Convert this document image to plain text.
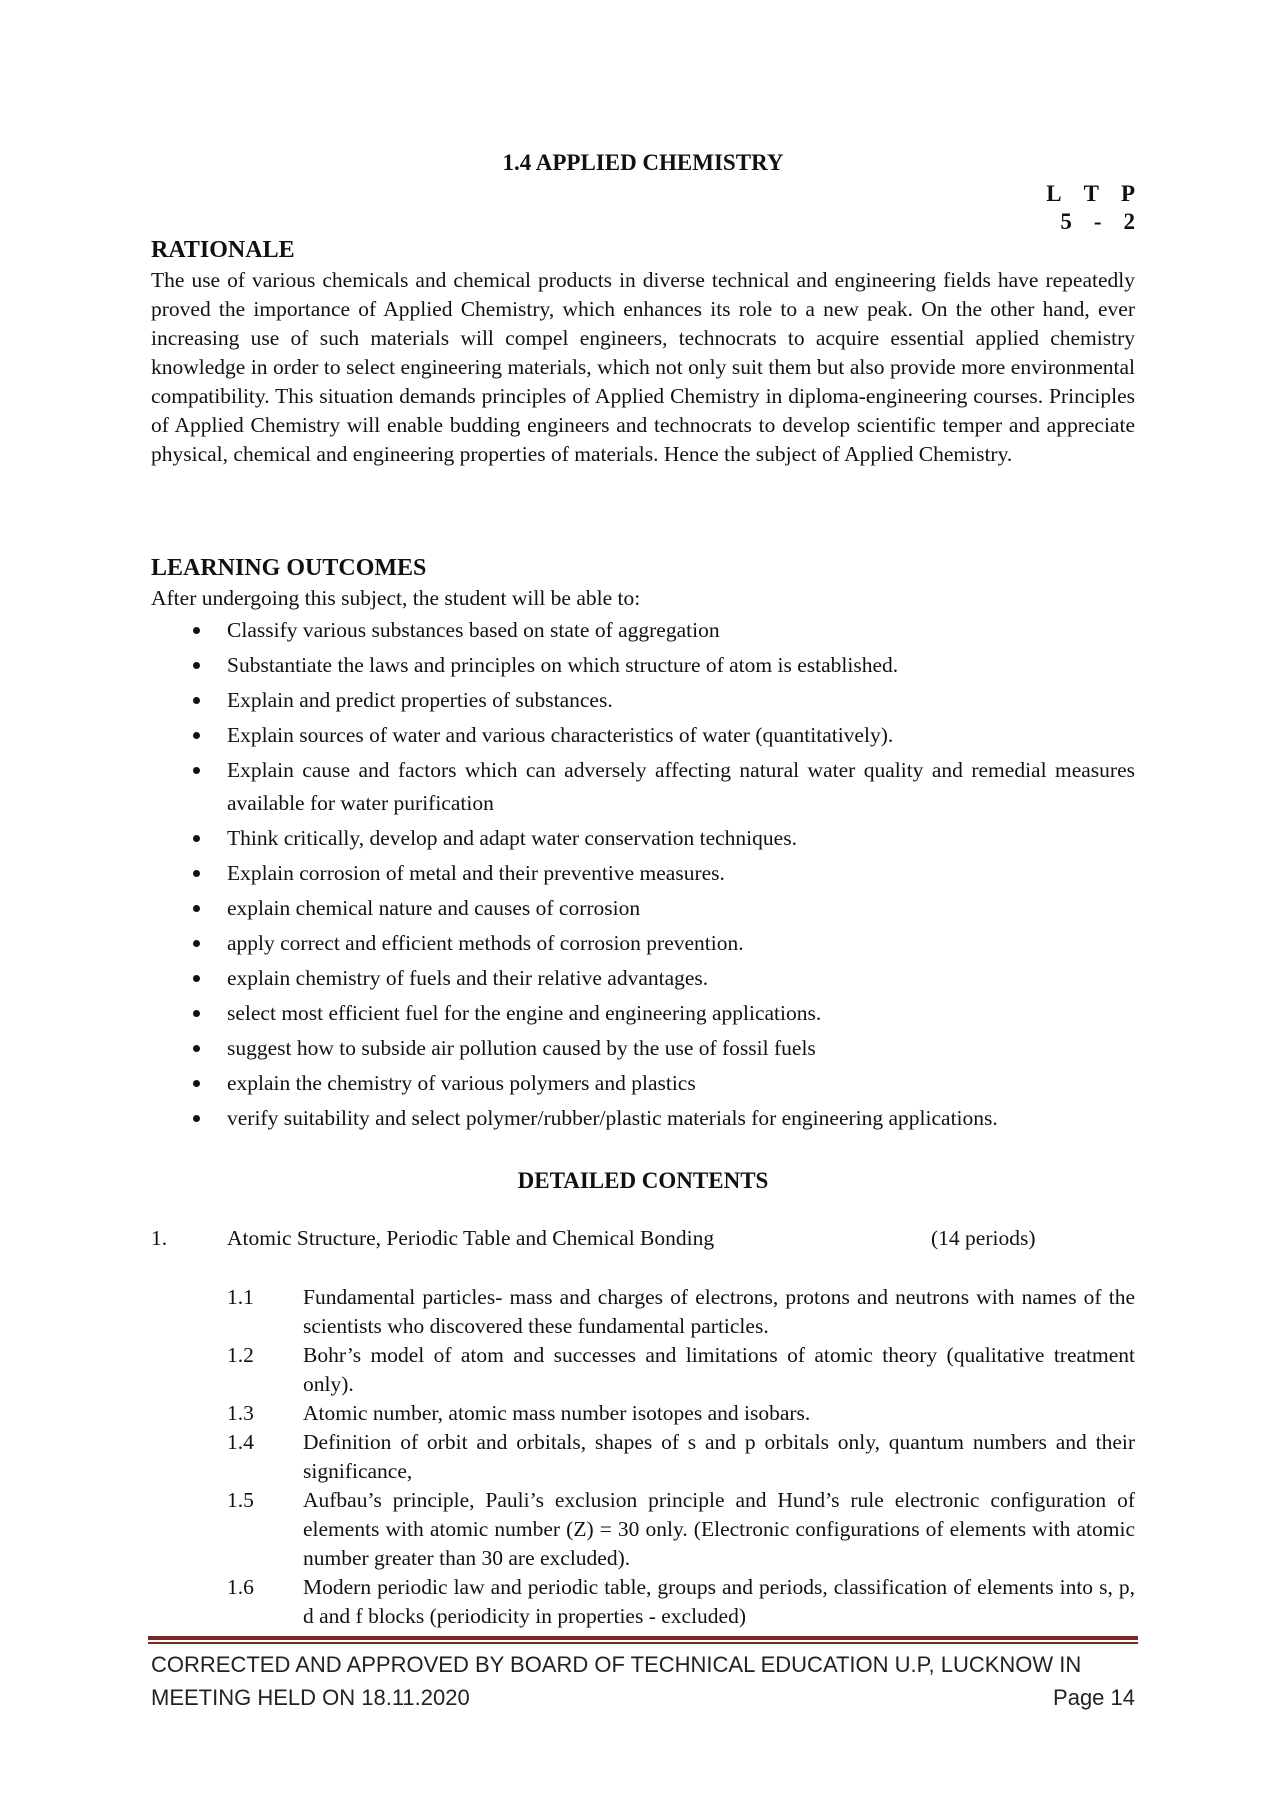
1.4 APPLIED CHEMISTRY
L T P
5 - 2
RATIONALE
The use of various chemicals and chemical products in diverse technical and engineering fields have repeatedly proved the importance of Applied Chemistry, which enhances its role to a new peak. On the other hand, ever increasing use of such materials will compel engineers, technocrats to acquire essential applied chemistry knowledge in order to select engineering materials, which not only suit them but also provide more environmental compatibility. This situation demands principles of Applied Chemistry in diploma-engineering courses. Principles of Applied Chemistry will enable budding engineers and technocrats to develop scientific temper and appreciate physical, chemical and engineering properties of materials. Hence the subject of Applied Chemistry.
LEARNING OUTCOMES
After undergoing this subject, the student will be able to:
Classify various substances based on state of aggregation
Substantiate the laws and principles on which structure of atom is established.
Explain and predict properties of substances.
Explain sources of water and various characteristics of water (quantitatively).
Explain cause and factors which can adversely affecting natural water quality and remedial measures available for water purification
Think critically, develop and adapt water conservation techniques.
Explain corrosion of metal and their preventive measures.
explain chemical nature and causes of corrosion
apply correct and efficient methods of corrosion prevention.
explain chemistry of fuels and their relative advantages.
select most efficient fuel for the engine and engineering applications.
suggest how to subside air pollution caused by the use of fossil fuels
explain the chemistry of various polymers and plastics
verify suitability and select polymer/rubber/plastic materials for engineering applications.
DETAILED CONTENTS
1.	Atomic Structure, Periodic Table and Chemical Bonding	(14 periods)
1.1 Fundamental particles- mass and charges of electrons, protons and neutrons with names of the scientists who discovered these fundamental particles.
1.2 Bohr’s model of atom and successes and limitations of atomic theory (qualitative treatment only).
1.3 Atomic number, atomic mass number isotopes and isobars.
1.4 Definition of orbit and orbitals, shapes of s and p orbitals only, quantum numbers and their significance,
1.5 Aufbau’s principle, Pauli’s exclusion principle and Hund’s rule electronic configuration of elements with atomic number (Z) = 30 only. (Electronic configurations of elements with atomic number greater than 30 are excluded).
1.6 Modern periodic law and periodic table, groups and periods, classification of elements into s, p, d and f blocks (periodicity in properties - excluded)
CORRECTED AND APPROVED BY BOARD OF TECHNICAL EDUCATION U.P, LUCKNOW IN
MEETING HELD ON 18.11.2020	Page 14
